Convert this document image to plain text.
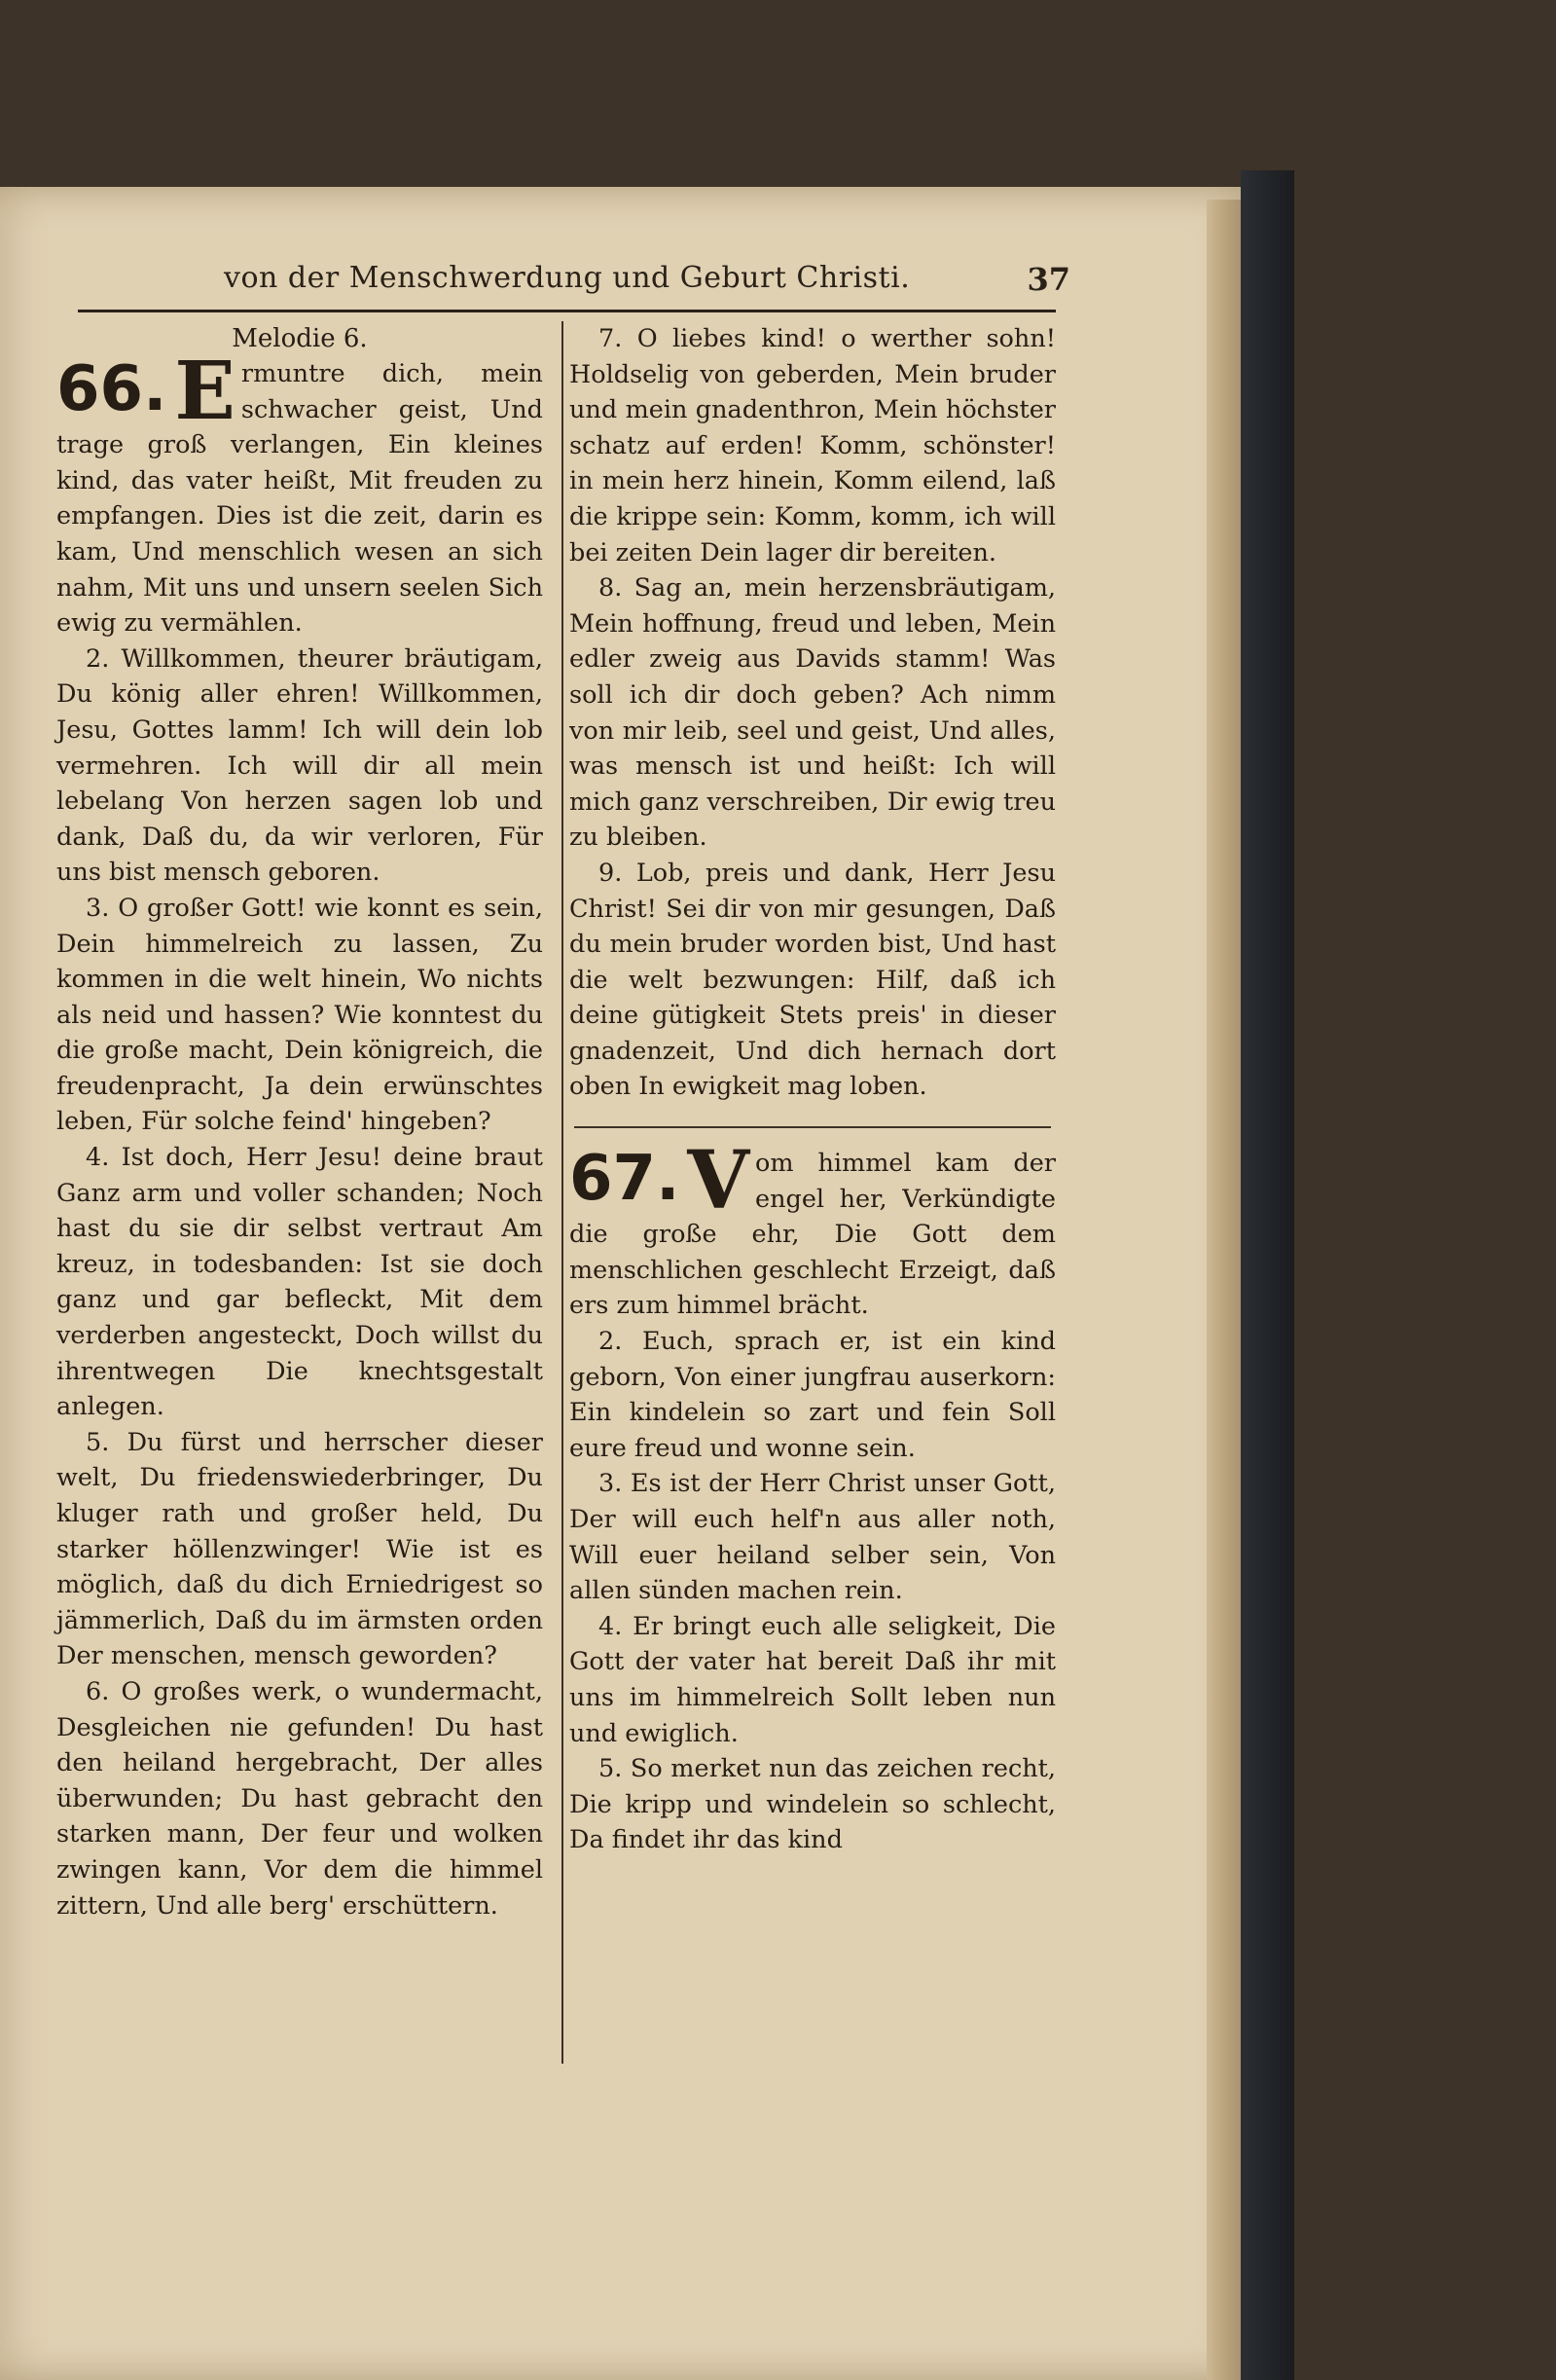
von der Menschwerdung und Geburt Christi.	37

Melodie 6.

66. E rmuntre dich, mein schwacher geist, Und trage groß verlangen, Ein kleines kind, das vater heißt, Mit freuden zu empfangen. Dies ist die zeit, darin es kam, Und menschlich wesen an sich nahm, Mit uns und unsern seelen Sich ewig zu vermählen.

2. Willkommen, theurer bräutigam, Du könig aller ehren! Willkommen, Jesu, Gottes lamm! Ich will dein lob vermehren. Ich will dir all mein lebelang Von herzen sagen lob und dank, Daß du, da wir verloren, Für uns bist mensch geboren.

3. O großer Gott! wie konnt es sein, Dein himmelreich zu lassen, Zu kommen in die welt hinein, Wo nichts als neid und hassen? Wie konntest du die große macht, Dein königreich, die freudenpracht, Ja dein erwünschtes leben, Für solche feind' hingeben?

4. Ist doch, Herr Jesu! deine braut Ganz arm und voller schanden; Noch hast du sie dir selbst vertraut Am kreuz, in todesbanden: Ist sie doch ganz und gar befleckt, Mit dem verderben angesteckt, Doch willst du ihrentwegen Die knechtsgestalt anlegen.

5. Du fürst und herrscher dieser welt, Du friedenswiederbringer, Du kluger rath und großer held, Du starker höllenzwinger! Wie ist es möglich, daß du dich Erniedrigest so jämmerlich, Daß du im ärmsten orden Der menschen, mensch geworden?

6. O großes werk, o wundermacht, Desgleichen nie gefunden! Du hast den heiland hergebracht, Der alles überwunden; Du hast gebracht den starken mann, Der feur und wolken zwingen kann, Vor dem die himmel zittern, Und alle berg' erschüttern.

7. O liebes kind! o werther sohn! Holdselig von geberden, Mein bruder und mein gnadenthron, Mein höchster schatz auf erden! Komm, schönster! in mein herz hinein, Komm eilend, laß die krippe sein: Komm, komm, ich will bei zeiten Dein lager dir bereiten.

8. Sag an, mein herzensbräutigam, Mein hoffnung, freud und leben, Mein edler zweig aus Davids stamm! Was soll ich dir doch geben? Ach nimm von mir leib, seel und geist, Und alles, was mensch ist und heißt: Ich will mich ganz verschreiben, Dir ewig treu zu bleiben.

9. Lob, preis und dank, Herr Jesu Christ! Sei dir von mir gesungen, Daß du mein bruder worden bist, Und hast die welt bezwungen: Hilf, daß ich deine gütigkeit Stets preis' in dieser gnadenzeit, Und dich hernach dort oben In ewigkeit mag loben.

67. V om himmel kam der engel her, Verkündigte die große ehr, Die Gott dem menschlichen geschlecht Erzeigt, daß ers zum himmel brächt.

2. Euch, sprach er, ist ein kind geborn, Von einer jungfrau auserkorn: Ein kindelein so zart und fein Soll eure freud und wonne sein.

3. Es ist der Herr Christ unser Gott, Der will euch helf'n aus aller noth, Will euer heiland selber sein, Von allen sünden machen rein.

4. Er bringt euch alle seligkeit, Die Gott der vater hat bereit Daß ihr mit uns im himmelreich Sollt leben nun und ewiglich.

5. So merket nun das zeichen recht, Die kripp und windelein so schlecht, Da findet ihr das kind
